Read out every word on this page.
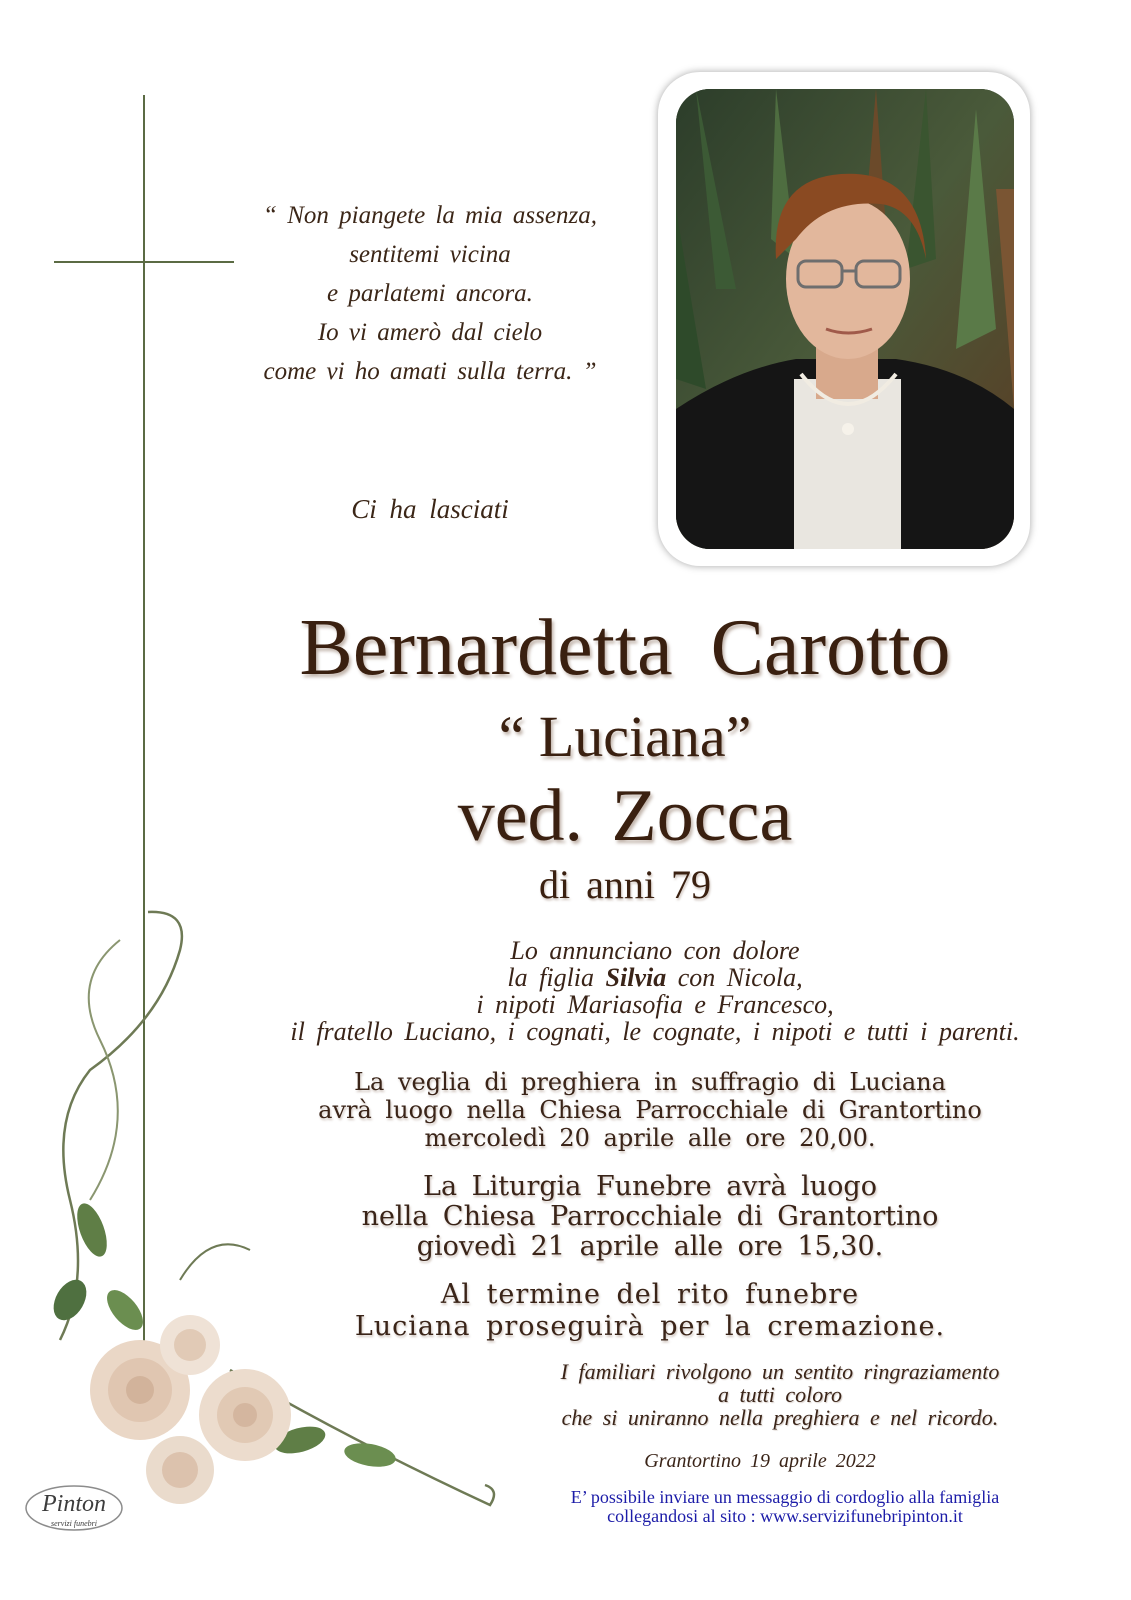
“ Non piangete la mia assenza,
sentitemi vicina
e parlatemi ancora.
Io vi amerò dal cielo
come vi ho amati sulla terra. ”
Ci ha lasciati
Bernardetta Carotto
“ Luciana”
ved. Zocca
di anni 79
Lo annunciano con dolore
la figlia Silvia con Nicola,
i nipoti Mariasofia e Francesco,
il fratello Luciano, i cognati, le cognate, i nipoti e tutti i parenti.
La veglia di preghiera in suffragio di Luciana
avrà luogo nella Chiesa Parrocchiale di Grantortino
mercoledì 20 aprile alle ore 20,00.
La Liturgia Funebre avrà luogo
nella Chiesa Parrocchiale di Grantortino
giovedì 21 aprile alle ore 15,30.
Al termine del rito funebre
Luciana proseguirà per la cremazione.
I familiari rivolgono un sentito ringraziamento
a tutti coloro
che si uniranno nella preghiera e nel ricordo.
Grantortino 19 aprile 2022
E’ possibile inviare un messaggio di cordoglio alla famiglia
collegandosi al sito : www.servizifunebripinton.it
Pinton
servizi funebri
